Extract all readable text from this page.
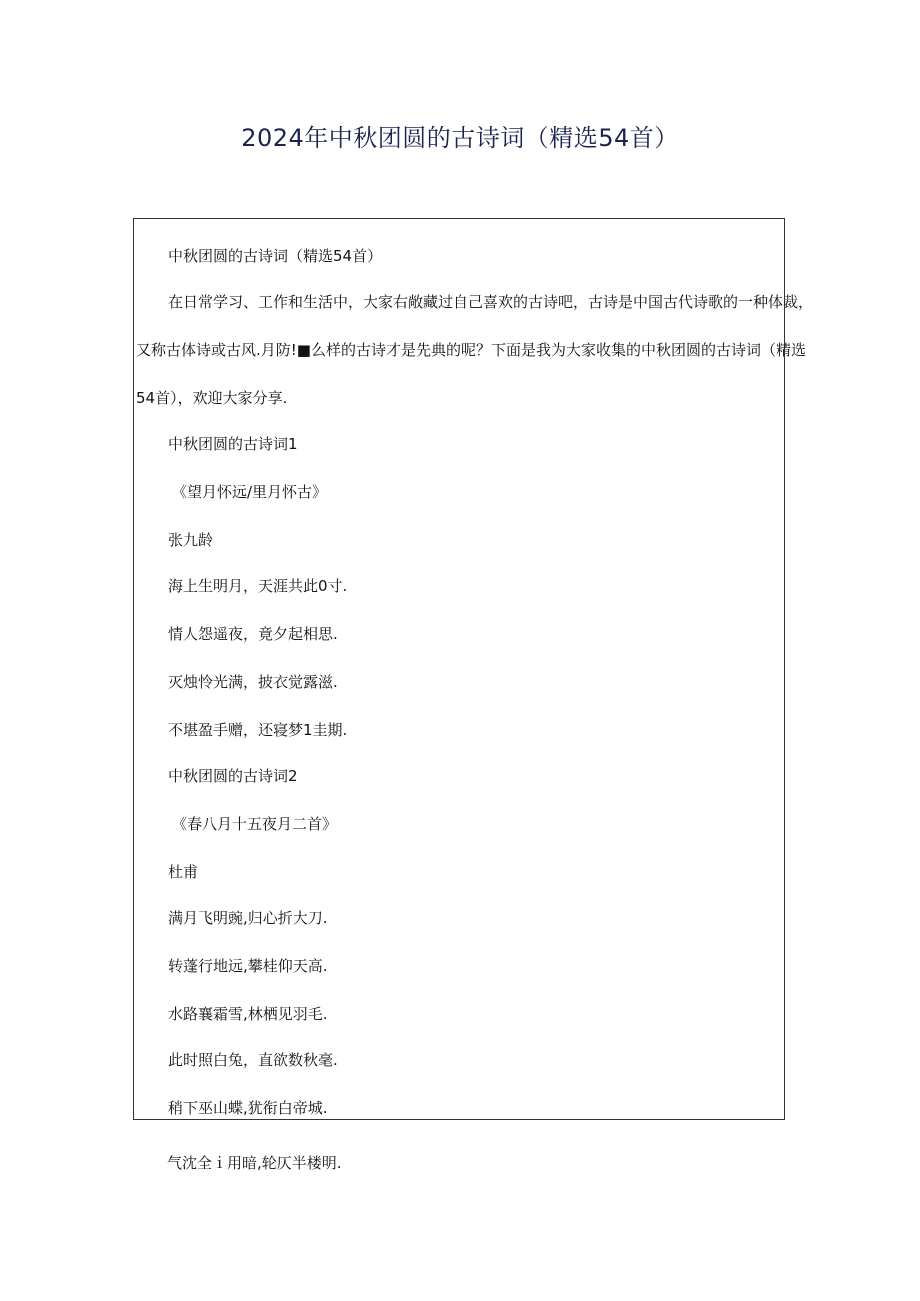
2024年中秋团圆的古诗词（精选54首）
中秋团圆的古诗词（精选54首）
在日常学习、工作和生活中，大家右敞藏过自己喜欢的古诗吧，古诗是中国古代诗歌的一种体裁，
又称古体诗或古风.月防!■么样的古诗才是先典的呢？下面是我为大家收集的中秋团圆的古诗词（精选
54首），欢迎大家分享.
中秋团圆的古诗词1
《望月怀远/里月怀古》
张九龄
海上生明月，天涯共此0寸.
情人怨遥夜，竟夕起相思.
灭烛怜光满，披衣觉露滋.
不堪盈手赠，还寝梦1圭期.
中秋团圆的古诗词2
《春八月十五夜月二首》
杜甫
满月飞明豌,归心折大刀.
转蓬行地远,攀桂仰天高.
水路襄霜雪,林栖见羽毛.
此时照白兔，直欲数秋毫.
稍下巫山蝶,犹衔白帝城.
气沈全ｉ用暗,轮仄半楼明.
